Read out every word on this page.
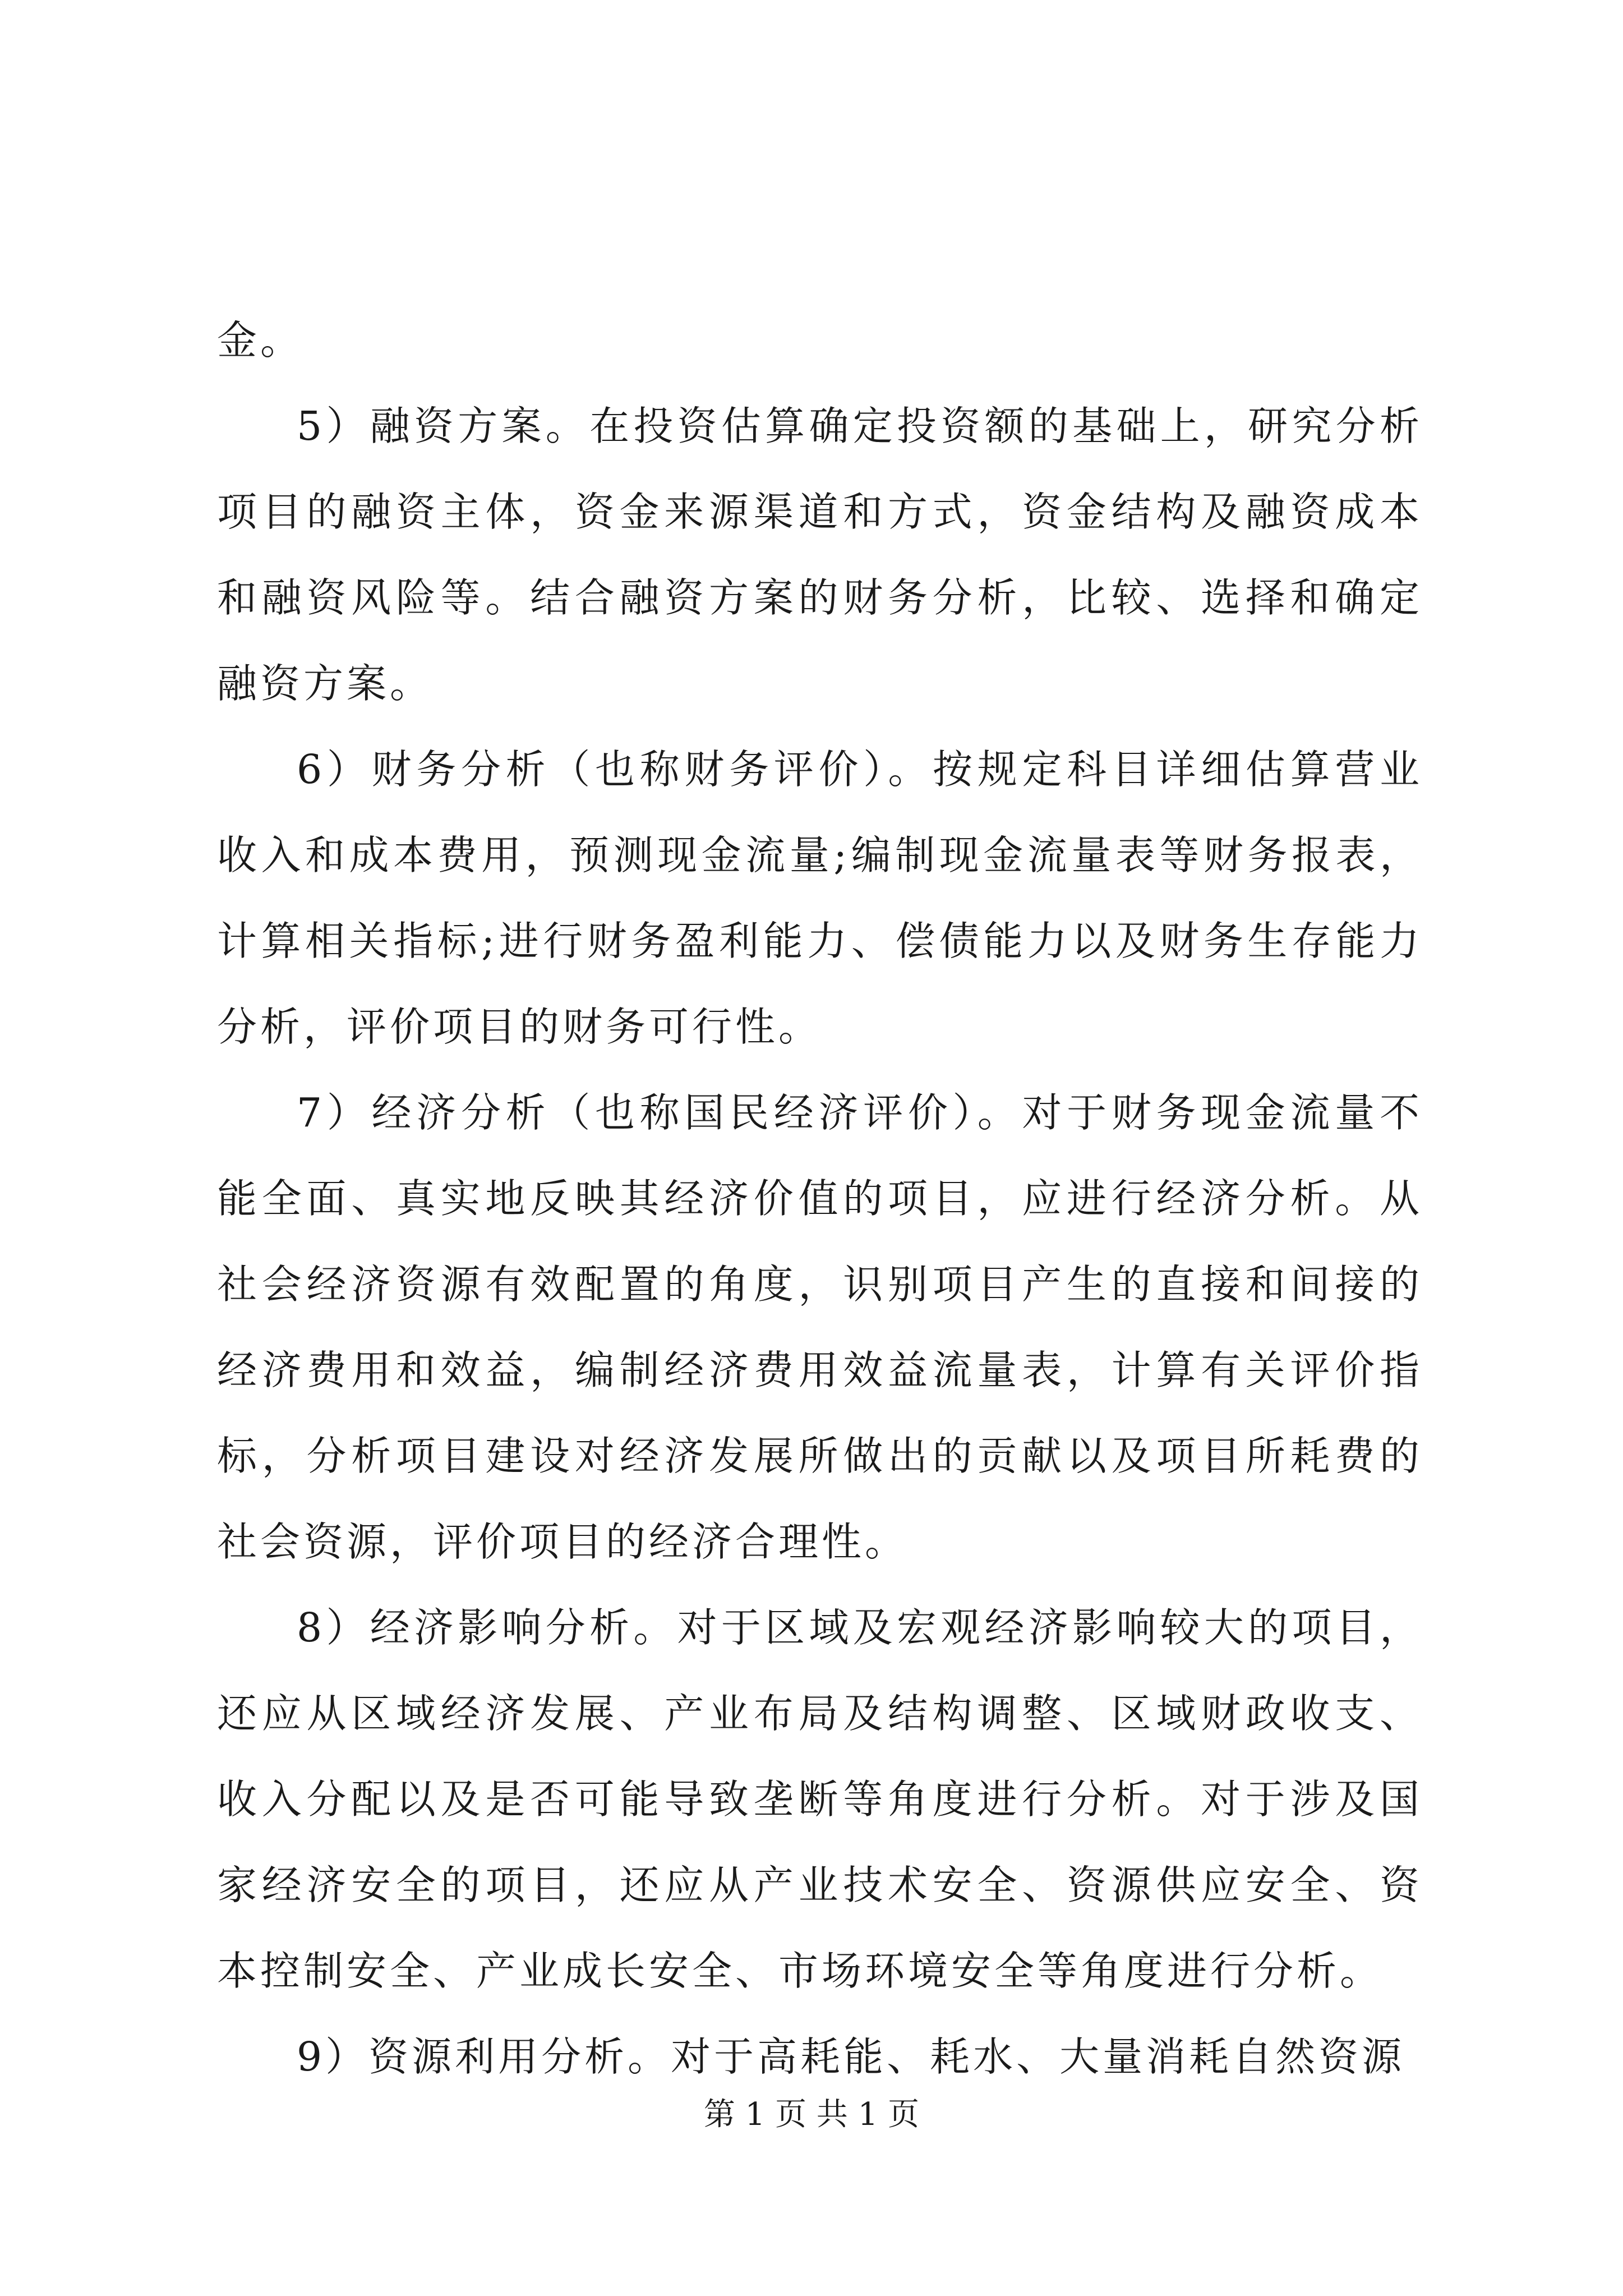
金。

5）融资方案。在投资估算确定投资额的基础上，研究分析项目的融资主体，资金来源渠道和方式，资金结构及融资成本和融资风险等。结合融资方案的财务分析，比较、选择和确定融资方案。

6）财务分析（也称财务评价）。按规定科目详细估算营业收入和成本费用，预测现金流量;编制现金流量表等财务报表，计算相关指标;进行财务盈利能力、偿债能力以及财务生存能力分析，评价项目的财务可行性。

7）经济分析（也称国民经济评价）。对于财务现金流量不能全面、真实地反映其经济价值的项目，应进行经济分析。从社会经济资源有效配置的角度，识别项目产生的直接和间接的经济费用和效益，编制经济费用效益流量表，计算有关评价指标，分析项目建设对经济发展所做出的贡献以及项目所耗费的社会资源，评价项目的经济合理性。

8）经济影响分析。对于区域及宏观经济影响较大的项目，还应从区域经济发展、产业布局及结构调整、区域财政收支、收入分配以及是否可能导致垄断等角度进行分析。对于涉及国家经济安全的项目，还应从产业技术安全、资源供应安全、资本控制安全、产业成长安全、市场环境安全等角度进行分析。

9）资源利用分析。对于高耗能、耗水、大量消耗自然资源

第 1 页 共 1 页
